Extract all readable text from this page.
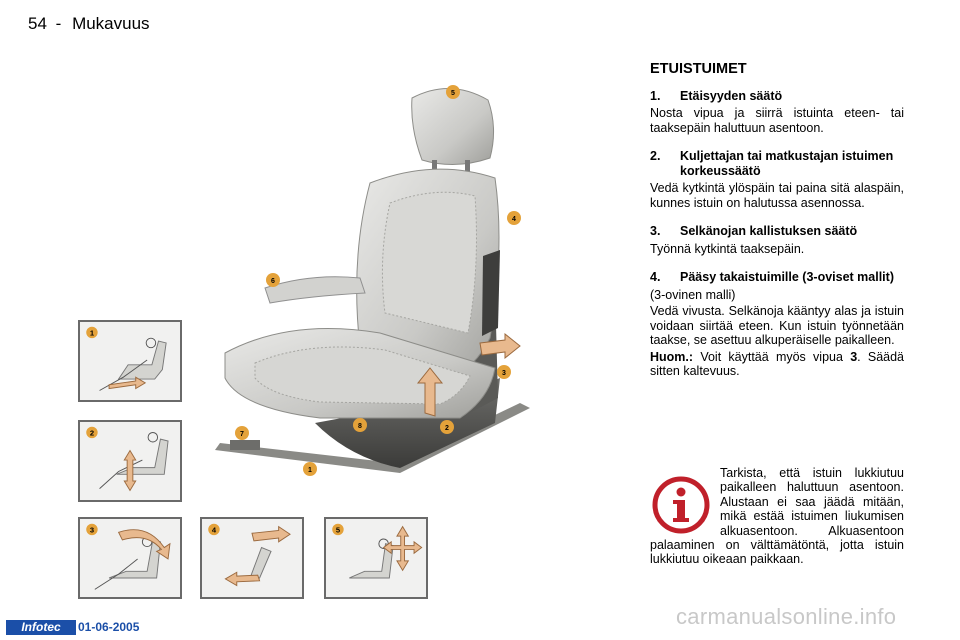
54 - Mukavuus
5
4
6
3
2
8
7
1
1
2
3	4	5
ETUISTUIMET
1.	Etäisyyden säätö

Nosta vipua ja siirrä istuinta eteen- tai taaksepäin haluttuun asentoon.

2.	Kuljettajan tai matkustajan istuimen korkeussäätö

Vedä kytkintä ylöspäin tai paina sitä alaspäin, kunnes istuin on halutussa asennossa.

3.	Selkänojan kallistuksen säätö

Työnnä kytkintä taaksepäin.

4.	Pääsy takaistuimille (3-oviset mallit)

(3-ovinen malli)

Vedä vivusta. Selkänoja kääntyy alas ja istuin voidaan siirtää eteen. Kun istuin työnnetään taakse, se asettuu alkuperäiselle paikalleen.

Huom.: Voit käyttää myös vipua 3. Säädä sitten kaltevuus.

Tarkista, että istuin lukkiutuu paikalleen haluttuun asentoon. Alustaan ei saa jäädä mitään, mikä estää istuimen liukumisen alkuasentoon. Alkuasentoon palaaminen on välttämätöntä, jotta istuin lukkiutuu oikeaan paikkaan.
Infotec	01-06-2005	carmanualsonline.info
